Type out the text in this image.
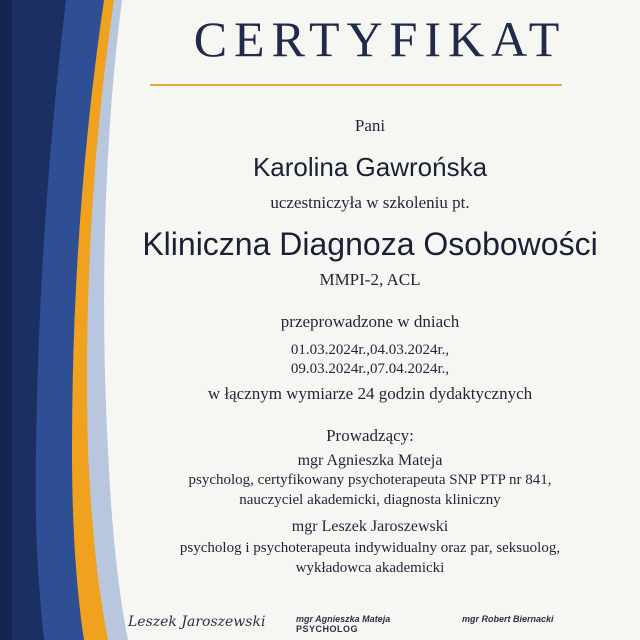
CERTYFIKAT
Pani
Karolina Gawrońska
uczestniczyła w szkoleniu pt.
Kliniczna Diagnoza Osobowości
MMPI-2, ACL
przeprowadzone w dniach
01.03.2024r.,04.03.2024r.,
09.03.2024r.,07.04.2024r.,
w łącznym wymiarze 24 godzin dydaktycznych
Prowadzący:
mgr Agnieszka Mateja
psycholog, certyfikowany psychoterapeuta SNP PTP nr 841,
nauczyciel akademicki, diagnosta kliniczny
mgr Leszek Jaroszewski
psycholog i psychoterapeuta indywidualny oraz par, seksuolog,
wykładowca akademicki
Leszek Jaroszewski	mgr Agnieszka Mateja
PSYCHOLOG
mgr Robert Biernacki
